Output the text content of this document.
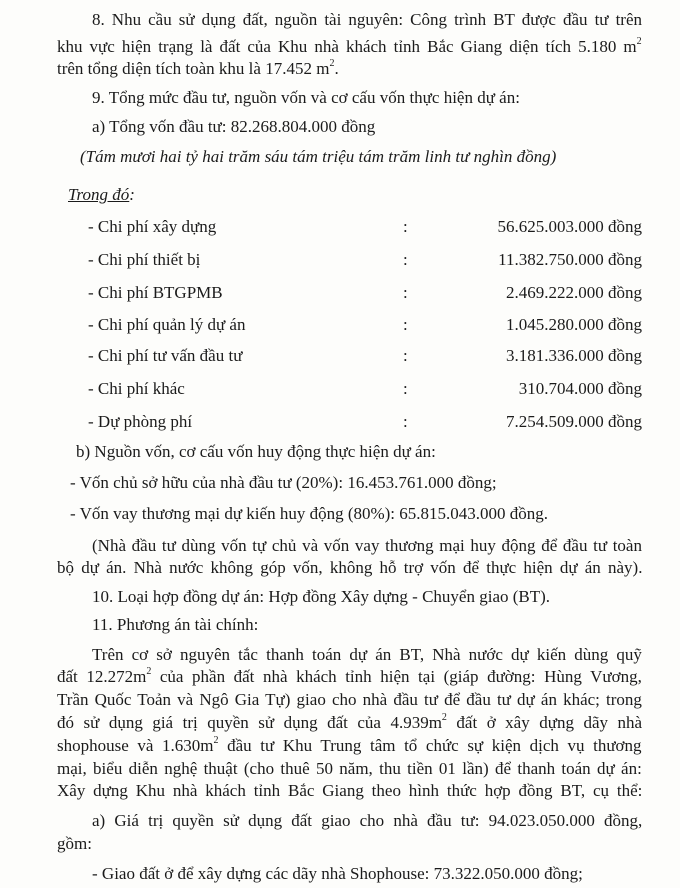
8. Nhu cầu sử dụng đất, nguồn tài nguyên: Công trình BT được đầu tư trên
khu vực hiện trạng là đất của Khu nhà khách tỉnh Bắc Giang diện tích 5.180 $m^2$
trên tổng diện tích toàn khu là 17.452 $m^2$.
9. Tổng mức đầu tư, nguồn vốn và cơ cấu vốn thực hiện dự án:
a) Tổng vốn đầu tư: 82.268.804.000 đồng
(Tám mươi hai tỷ hai trăm sáu tám triệu tám trăm linh tư nghìn đồng)
Trong đó:
- Chi phí xây dựng	:	56.625.003.000 đồng
- Chi phí thiết bị	:	11.382.750.000 đồng
- Chi phí BTGPMB	:	2.469.222.000 đồng
- Chi phí quản lý dự án	:	1.045.280.000 đồng
- Chi phí tư vấn đầu tư	:	3.181.336.000 đồng
- Chi phí khác	:	310.704.000 đồng
- Dự phòng phí	:	7.254.509.000 đồng
b) Nguồn vốn, cơ cấu vốn huy động thực hiện dự án:
- Vốn chủ sở hữu của nhà đầu tư (20%): 16.453.761.000 đồng;
- Vốn vay thương mại dự kiến huy động (80%): 65.815.043.000 đồng.
(Nhà đầu tư dùng vốn tự chủ và vốn vay thương mại huy động để đầu tư toàn
bộ dự án. Nhà nước không góp vốn, không hỗ trợ vốn để thực hiện dự án này).
10. Loại hợp đồng dự án: Hợp đồng Xây dựng - Chuyển giao (BT).
11. Phương án tài chính:
Trên cơ sở nguyên tắc thanh toán dự án BT, Nhà nước dự kiến dùng quỹ
đất $12.272m^2$ của phần đất nhà khách tỉnh hiện tại (giáp đường: Hùng Vương,
Trần Quốc Toản và Ngô Gia Tự) giao cho nhà đầu tư để đầu tư dự án khác; trong
đó sử dụng giá trị quyền sử dụng đất của $4.939m^2$ đất ở xây dựng dãy nhà
shophouse và $1.630m^2$ đầu tư Khu Trung tâm tổ chức sự kiện dịch vụ thương
mại, biểu diễn nghệ thuật (cho thuê 50 năm, thu tiền 01 lần) để thanh toán dự án:
Xây dựng Khu nhà khách tỉnh Bắc Giang theo hình thức hợp đồng BT, cụ thể:
a) Giá trị quyền sử dụng đất giao cho nhà đầu tư: 94.023.050.000 đồng,
gồm:
- Giao đất ở để xây dựng các dãy nhà Shophouse: 73.322.050.000 đồng;
